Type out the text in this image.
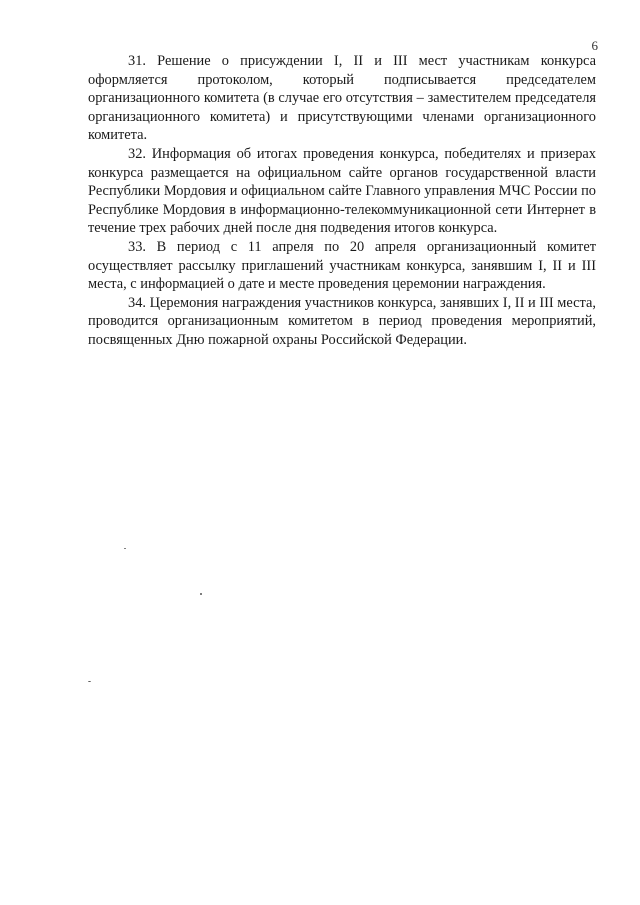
6

31. Решение о присуждении I, II и III мест участникам конкурса оформляется протоколом, который подписывается председателем организационного комитета (в случае его отсутствия – заместителем председателя организационного комитета) и присутствующими членами организационного комитета.

32. Информация об итогах проведения конкурса, победителях и призерах конкурса размещается на официальном сайте органов государственной власти Республики Мордовия и официальном сайте Главного управления МЧС России по Республике Мордовия в информационно-телекоммуникационной сети Интернет в течение трех рабочих дней после дня подведения итогов конкурса.

33. В период с 11 апреля по 20 апреля организационный комитет осуществляет рассылку приглашений участникам конкурса, занявшим I, II и III места, с информацией о дате и месте проведения церемонии награждения.

34. Церемония награждения участников конкурса, занявших I, II и III места, проводится организационным комитетом в период проведения мероприятий, посвященных Дню пожарной охраны Российской Федерации.
